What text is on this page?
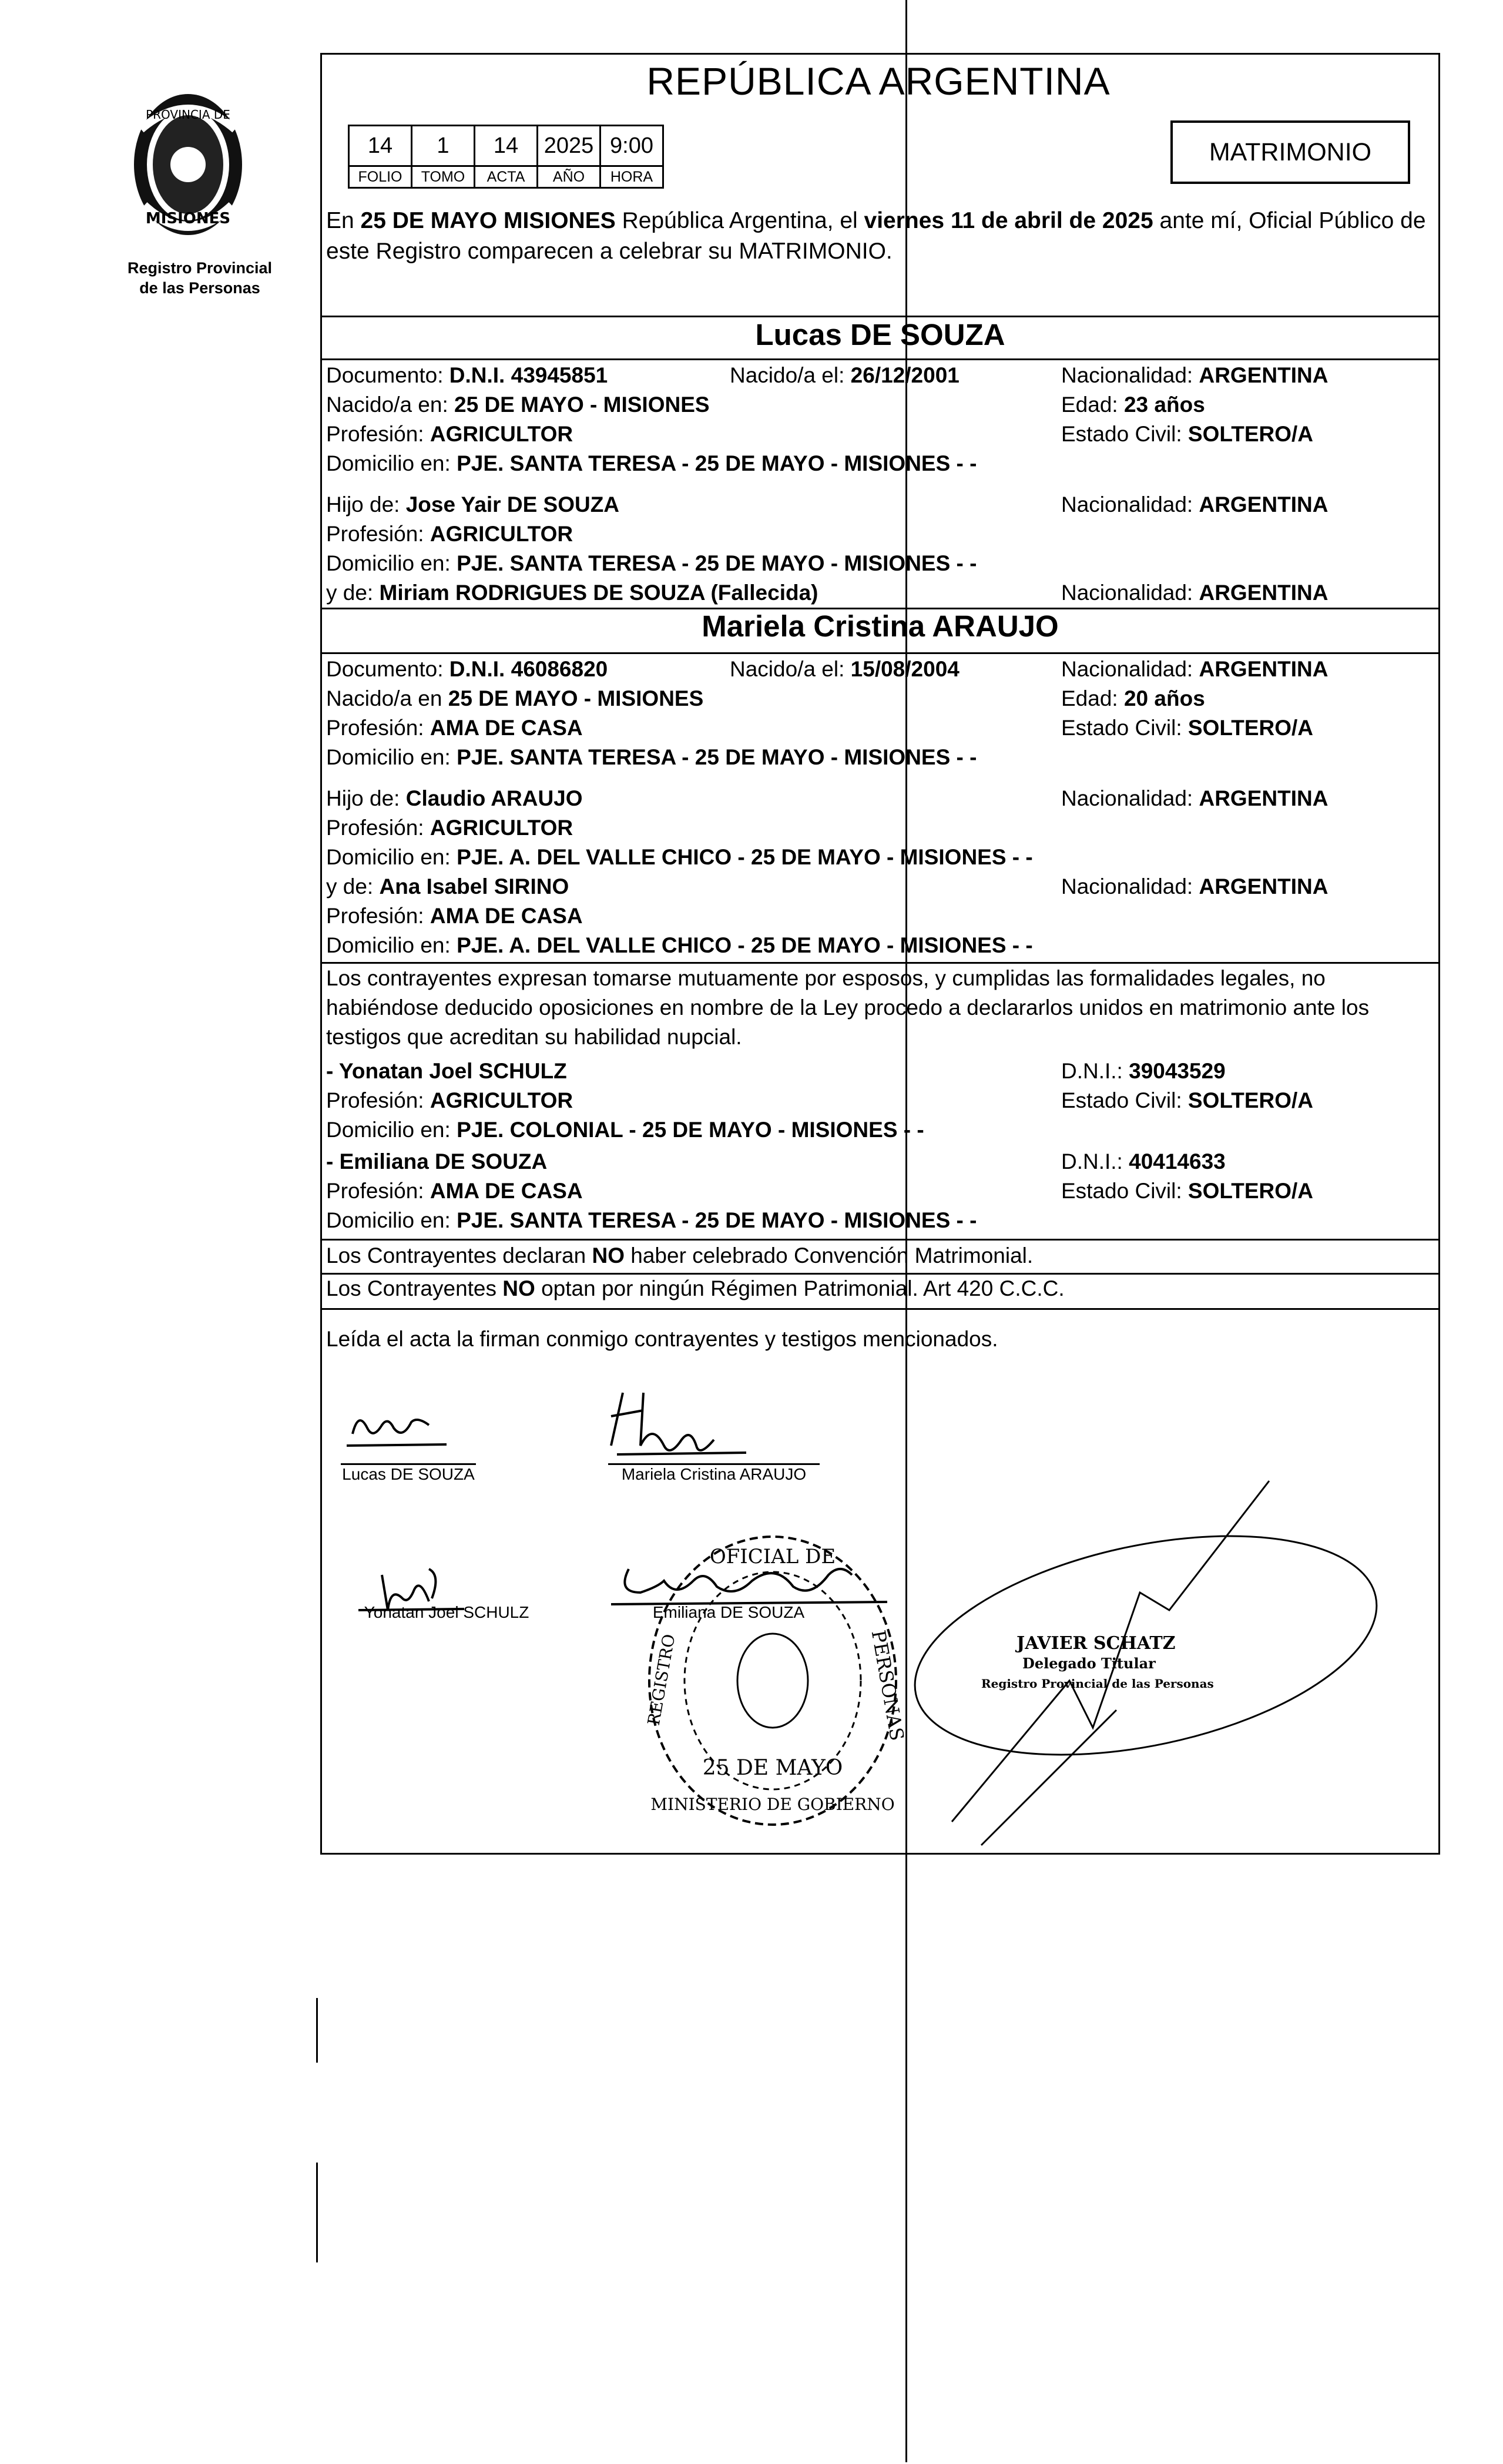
PROVINCIA DE
MISIONES
Registro Provincial
de las Personas
REPÚBLICA ARGENTINA
14	1	14	2025	9:00
FOLIO	TOMO	ACTA	AÑO	HORA
MATRIMONIO
En 25 DE MAYO MISIONES República Argentina, el viernes 11 de abril de 2025 ante mí, Oficial Público de este Registro comparecen a celebrar su MATRIMONIO.
Lucas DE SOUZA
Documento: D.N.I. 43945851	Nacido/a el: 26/12/2001	Nacionalidad: ARGENTINA
Nacido/a en: 25 DE MAYO - MISIONES	Edad: 23 años
Profesión: AGRICULTOR	Estado Civil: SOLTERO/A
Domicilio en: PJE. SANTA TERESA - 25 DE MAYO - MISIONES - -
Hijo de: Jose Yair DE SOUZA	Nacionalidad: ARGENTINA
Profesión: AGRICULTOR
Domicilio en: PJE. SANTA TERESA - 25 DE MAYO - MISIONES - -
y de: Miriam RODRIGUES DE SOUZA (Fallecida)	Nacionalidad: ARGENTINA
Mariela Cristina ARAUJO
Documento: D.N.I. 46086820	Nacido/a el: 15/08/2004	Nacionalidad: ARGENTINA
Nacido/a en 25 DE MAYO - MISIONES	Edad: 20 años
Profesión: AMA DE CASA	Estado Civil: SOLTERO/A
Domicilio en: PJE. SANTA TERESA - 25 DE MAYO - MISIONES - -
Hijo de: Claudio ARAUJO	Nacionalidad: ARGENTINA
Profesión: AGRICULTOR
Domicilio en: PJE. A. DEL VALLE CHICO - 25 DE MAYO - MISIONES - -
y de: Ana Isabel SIRINO	Nacionalidad: ARGENTINA
Profesión: AMA DE CASA
Domicilio en: PJE. A. DEL VALLE CHICO - 25 DE MAYO - MISIONES - -
Los contrayentes expresan tomarse mutuamente por esposos, y cumplidas las formalidades legales, no habiéndose deducido oposiciones en nombre de la Ley procedo a declararlos unidos en matrimonio ante los testigos que acreditan su habilidad nupcial.
- Yonatan Joel SCHULZ	D.N.I.: 39043529
Profesión: AGRICULTOR	Estado Civil: SOLTERO/A
Domicilio en: PJE. COLONIAL - 25 DE MAYO - MISIONES - -
- Emiliana DE SOUZA	D.N.I.: 40414633
Profesión: AMA DE CASA	Estado Civil: SOLTERO/A
Domicilio en: PJE. SANTA TERESA - 25 DE MAYO - MISIONES - -
Los Contrayentes declaran NO haber celebrado Convención Matrimonial.
Los Contrayentes NO optan por ningún Régimen Patrimonial. Art 420 C.C.C.
Leída el acta la firman conmigo contrayentes y testigos mencionados.
Lucas DE SOUZA	Mariela Cristina ARAUJO
Yonatan Joel SCHULZ	Emiliana DE SOUZA
OFICIAL DE
PERSONAS
MINISTERIO DE GOBIERNO
REGISTRO
25 DE MAYO
JAVIER SCHATZ
Delegado Titular
Registro Provincial de las Personas
